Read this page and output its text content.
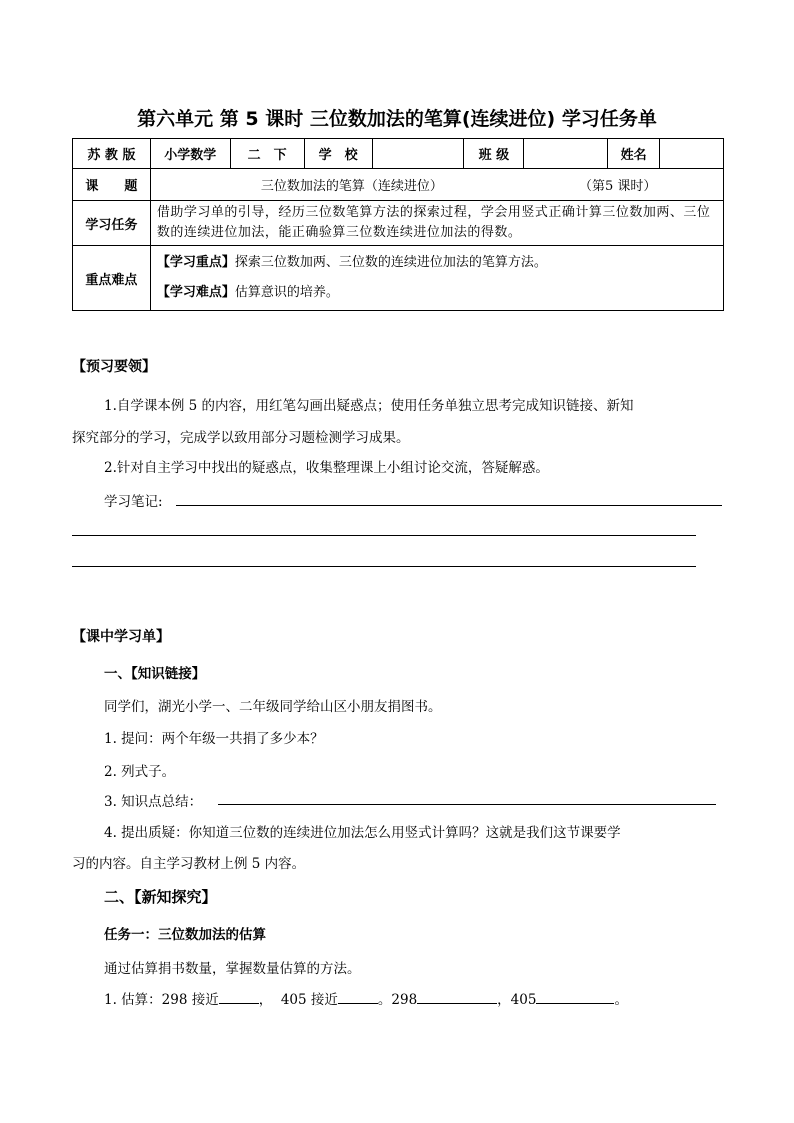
第六单元 第 5 课时 三位数加法的笔算(连续进位) 学习任务单
苏 教 版	小学数学	二　下	学　校		班 级		姓名	
课　　题	三位数加法的笔算（连续进位） （第5 课时）							
学习任务	借助学习单的引导，经历三位数笔算方法的探索过程，学会用竖式正确计算三位数加两、三位数的连续进位加法，能正确验算三位数连续进位加法的得数。							
重点难点	【学习重点】探索三位数加两、三位数的连续进位加法的笔算方法。
【学习难点】估算意识的培养。							
【预习要领】
1.自学课本例 5 的内容，用红笔勾画出疑惑点；使用任务单独立思考完成知识链接、新知
探究部分的学习，完成学以致用部分习题检测学习成果。
2.针对自主学习中找出的疑惑点，收集整理课上小组讨论交流，答疑解惑。
学习笔记:
【课中学习单】
一、【知识链接】
同学们，湖光小学一、二年级同学给山区小朋友捐图书。
1. 提问：两个年级一共捐了多少本？
2. 列式子。
3. 知识点总结：
4. 提出质疑：你知道三位数的连续进位加法怎么用竖式计算吗？这就是我们这节课要学
习的内容。自主学习教材上例 5 内容。
二、【新知探究】
任务一：三位数加法的估算
通过估算捐书数量，掌握数量估算的方法。
1. 估算：298 接近	， 405 接近	。298	，405	。
